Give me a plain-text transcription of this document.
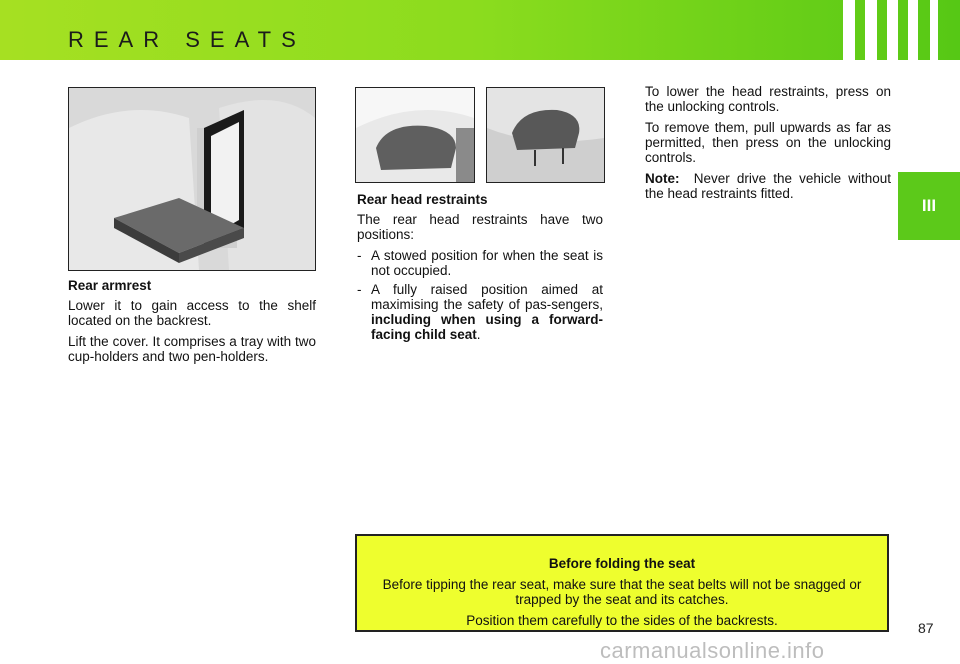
REAR SEATS
III
Rear armrest

Lower it to gain access to the shelf located on the backrest.

Lift the cover. It comprises a tray with two cup-holders and two pen-holders.

Rear head restraints

The rear head restraints have two positions:

- A stowed position for when the seat is not occupied.
- A fully raised position aimed at maximising the safety of pas-sengers, including when using a forward-facing child seat.

To lower the head restraints, press on the unlocking controls.

To remove them, pull upwards as far as permitted, then press on the unlocking controls.

Note: Never drive the vehicle without the head restraints fitted.

Before folding the seat

Before tipping the rear seat, make sure that the seat belts will not be snagged or trapped by the seat and its catches.

Position them carefully to the sides of the backrests.	87
carmanualsonline.info
